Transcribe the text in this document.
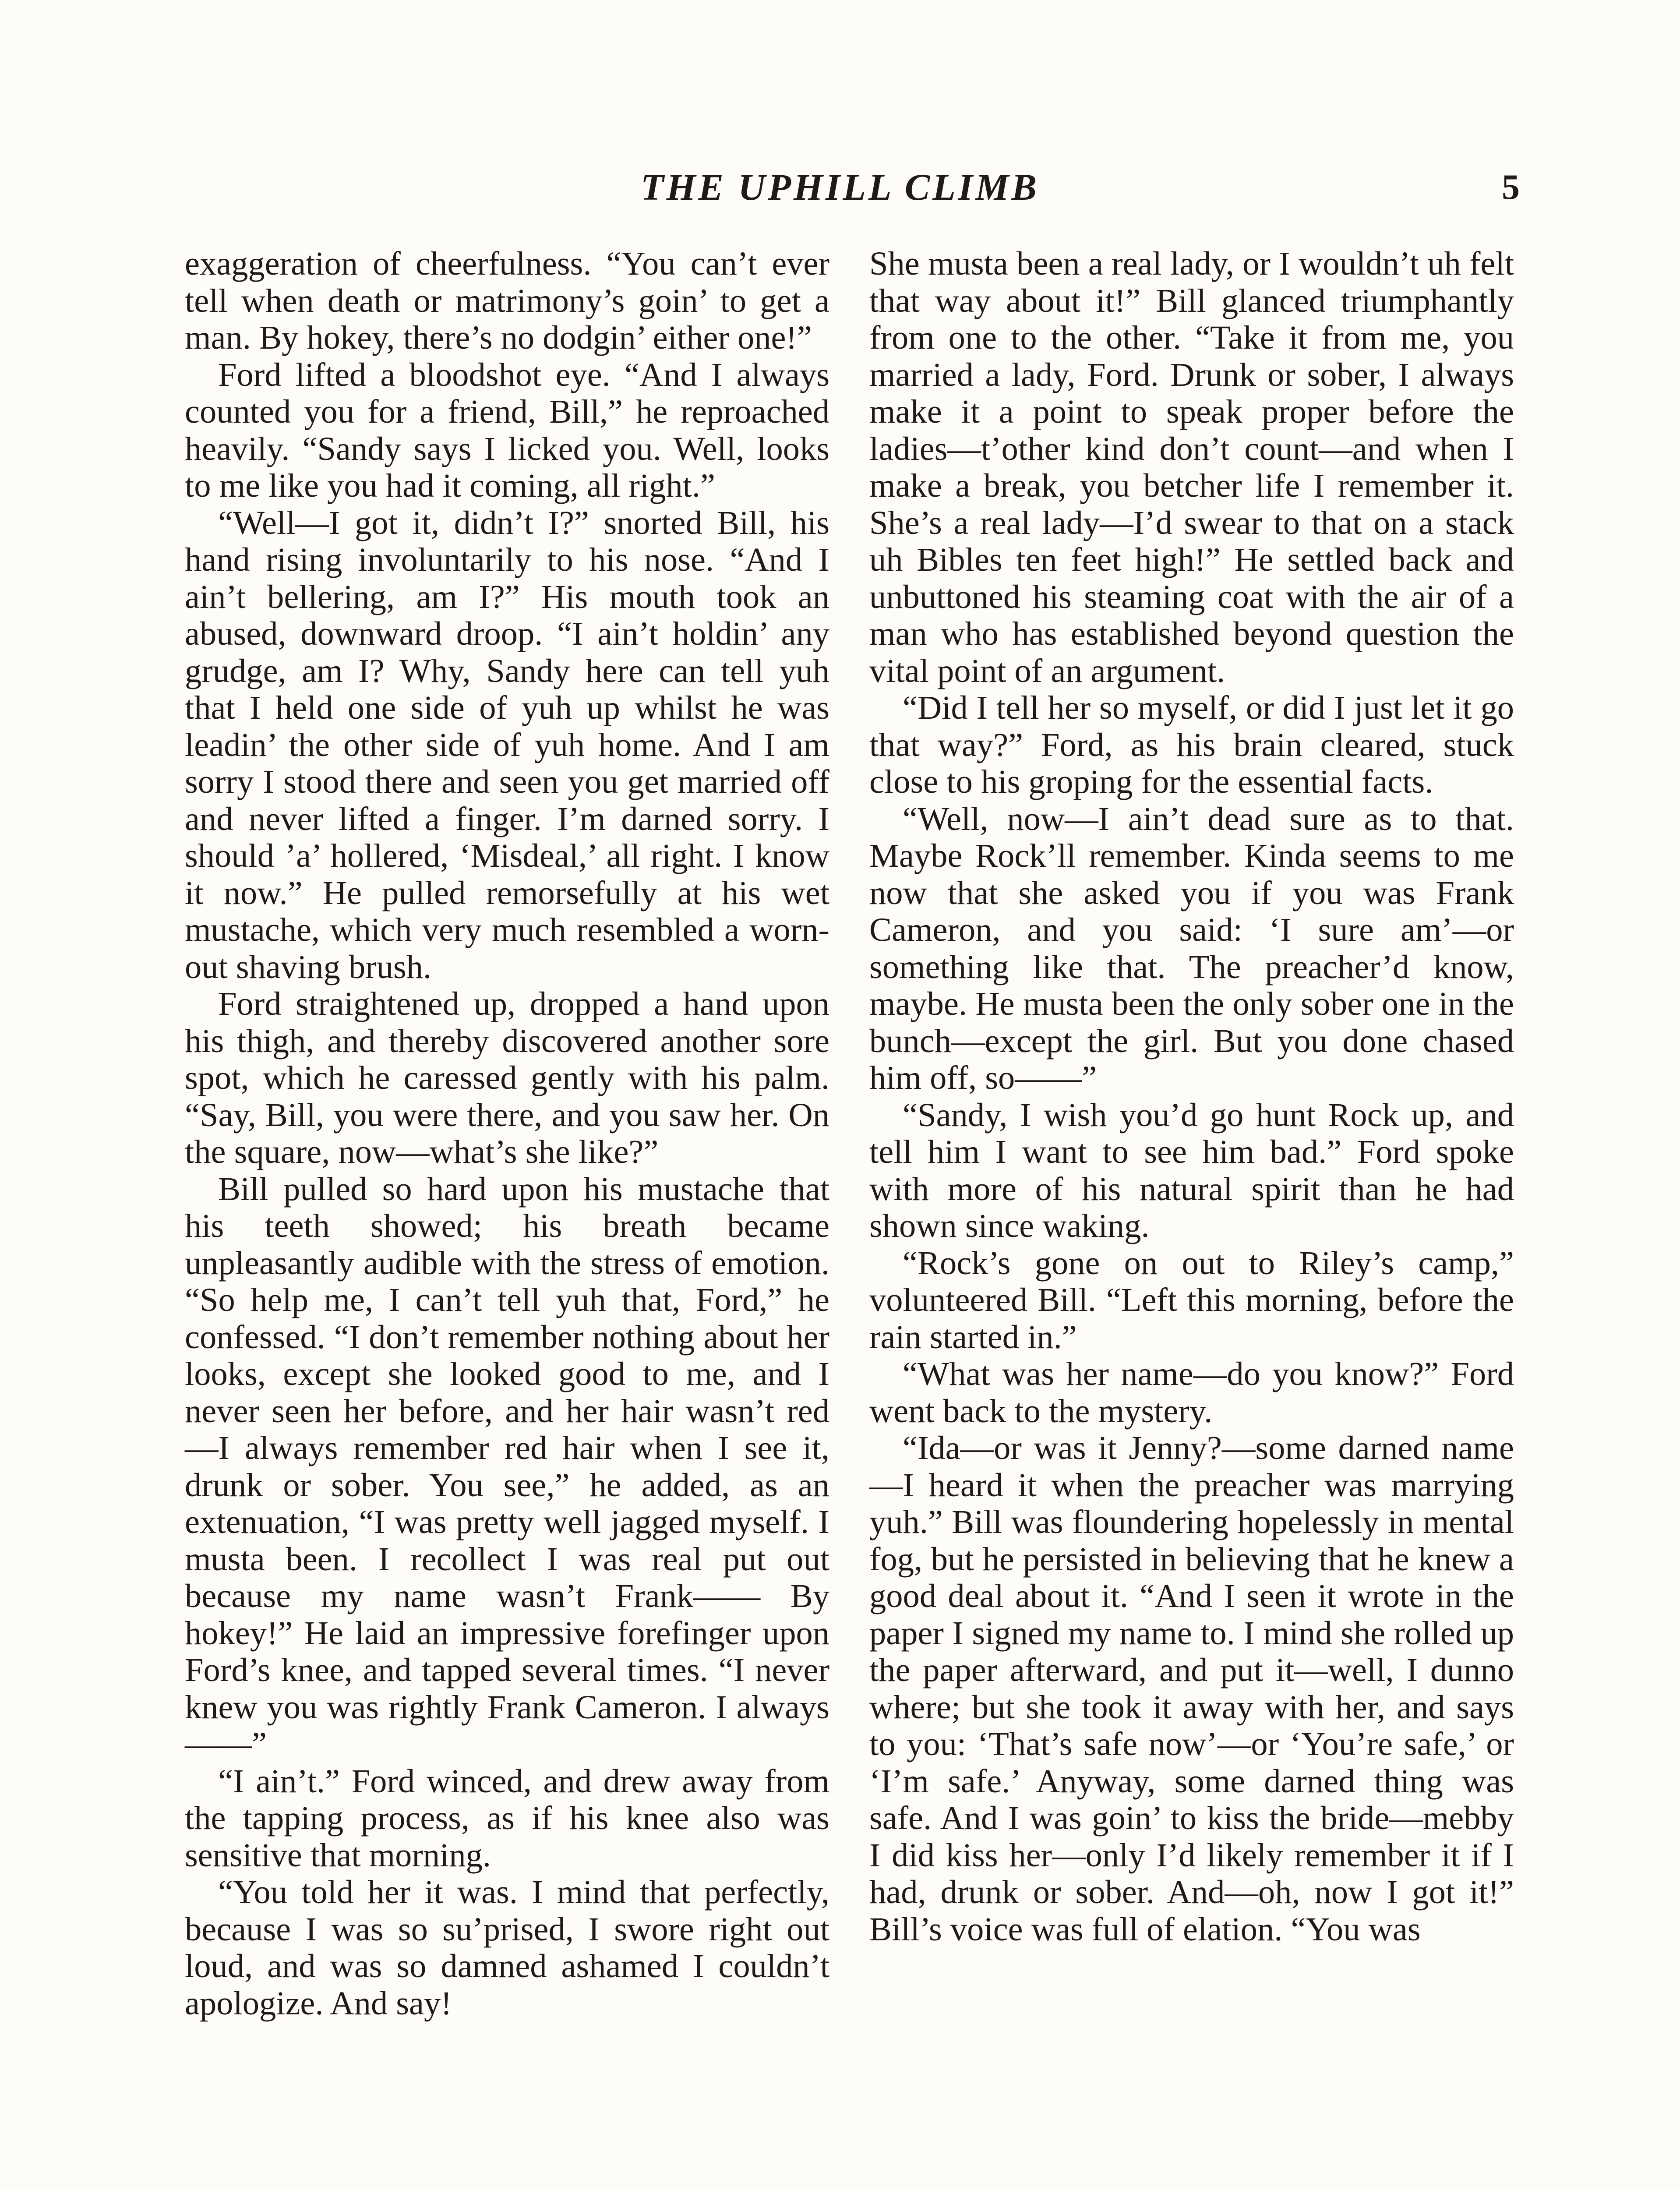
THE UPHILL CLIMB	5

exaggeration of cheerfulness. “You can’t ever tell when death or matrimony’s goin’ to get a man. By hokey, there’s no dodgin’ either one!”

Ford lifted a bloodshot eye. “And I always counted you for a friend, Bill,” he reproached heavily. “Sandy says I licked you. Well, looks to me like you had it coming, all right.”

“Well—I got it, didn’t I?” snorted Bill, his hand rising involuntarily to his nose. “And I ain’t bellering, am I?” His mouth took an abused, downward droop. “I ain’t holdin’ any grudge, am I? Why, Sandy here can tell yuh that I held one side of yuh up whilst he was leadin’ the other side of yuh home. And I am sorry I stood there and seen you get married off and never lifted a finger. I’m darned sorry. I should ’a’ hollered, ‘Misdeal,’ all right. I know it now.” He pulled remorsefully at his wet mustache, which very much resembled a worn-out shaving brush.

Ford straightened up, dropped a hand upon his thigh, and thereby discovered another sore spot, which he caressed gently with his palm. “Say, Bill, you were there, and you saw her. On the square, now—what’s she like?”

Bill pulled so hard upon his mustache that his teeth showed; his breath became unpleasantly audible with the stress of emotion. “So help me, I can’t tell yuh that, Ford,” he confessed. “I don’t remember nothing about her looks, except she looked good to me, and I never seen her before, and her hair wasn’t red—I always remember red hair when I see it, drunk or sober. You see,” he added, as an extenuation, “I was pretty well jagged myself. I musta been. I recollect I was real put out because my name wasn’t Frank—— By hokey!” He laid an impressive forefinger upon Ford’s knee, and tapped several times. “I never knew you was rightly Frank Cameron. I always——”

“I ain’t.” Ford winced, and drew away from the tapping process, as if his knee also was sensitive that morning.

“You told her it was. I mind that perfectly, because I was so su’prised, I swore right out loud, and was so damned ashamed I couldn’t apologize. And say!

She musta been a real lady, or I wouldn’t uh felt that way about it!” Bill glanced triumphantly from one to the other. “Take it from me, you married a lady, Ford. Drunk or sober, I always make it a point to speak proper before the ladies—t’other kind don’t count—and when I make a break, you betcher life I remember it. She’s a real lady—I’d swear to that on a stack uh Bibles ten feet high!” He settled back and unbuttoned his steaming coat with the air of a man who has established beyond question the vital point of an argument.

“Did I tell her so myself, or did I just let it go that way?” Ford, as his brain cleared, stuck close to his groping for the essential facts.

“Well, now—I ain’t dead sure as to that. Maybe Rock’ll remember. Kinda seems to me now that she asked you if you was Frank Cameron, and you said: ‘I sure am’—or something like that. The preacher’d know, maybe. He musta been the only sober one in the bunch—except the girl. But you done chased him off, so——”

“Sandy, I wish you’d go hunt Rock up, and tell him I want to see him bad.” Ford spoke with more of his natural spirit than he had shown since waking.

“Rock’s gone on out to Riley’s camp,” volunteered Bill. “Left this morning, before the rain started in.”

“What was her name—do you know?” Ford went back to the mystery.

“Ida—or was it Jenny?—some darned name—I heard it when the preacher was marrying yuh.” Bill was floundering hopelessly in mental fog, but he persisted in believing that he knew a good deal about it. “And I seen it wrote in the paper I signed my name to. I mind she rolled up the paper afterward, and put it—well, I dunno where; but she took it away with her, and says to you: ‘That’s safe now’—or ‘You’re safe,’ or ‘I’m safe.’ Anyway, some darned thing was safe. And I was goin’ to kiss the bride—mebby I did kiss her—only I’d likely remember it if I had, drunk or sober. And—oh, now I got it!” Bill’s voice was full of elation. “You was
